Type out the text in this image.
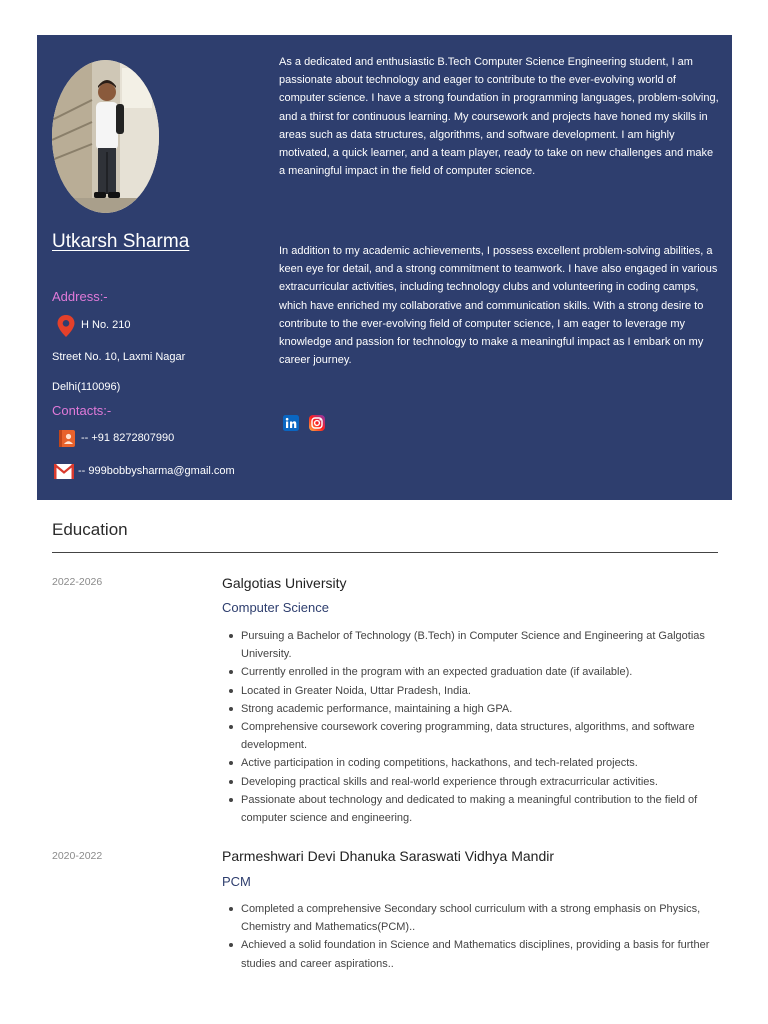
Utkarsh Sharma
Address:-
H No. 210
Street No. 10, Laxmi Nagar
Delhi(110096)
Contacts:-
-- +91 8272807990
-- 999bobbysharma@gmail.com
As a dedicated and enthusiastic B.Tech Computer Science Engineering student, I am passionate about technology and eager to contribute to the ever-evolving world of computer science. I have a strong foundation in programming languages, problem-solving, and a thirst for continuous learning. My coursework and projects have honed my skills in areas such as data structures, algorithms, and software development. I am highly motivated, a quick learner, and a team player, ready to take on new challenges and make a meaningful impact in the field of computer science.
In addition to my academic achievements, I possess excellent problem-solving abilities, a keen eye for detail, and a strong commitment to teamwork. I have also engaged in various extracurricular activities, including technology clubs and volunteering in coding camps, which have enriched my collaborative and communication skills. With a strong desire to contribute to the ever-evolving field of computer science, I am eager to leverage my knowledge and passion for technology to make a meaningful impact as I embark on my career journey.
Education
2022-2026	Galgotias University
Computer Science
Pursuing a Bachelor of Technology (B.Tech) in Computer Science and Engineering at Galgotias University.
Currently enrolled in the program with an expected graduation date (if available).
Located in Greater Noida, Uttar Pradesh, India.
Strong academic performance, maintaining a high GPA.
Comprehensive coursework covering programming, data structures, algorithms, and software development.
Active participation in coding competitions, hackathons, and tech-related projects.
Developing practical skills and real-world experience through extracurricular activities.
Passionate about technology and dedicated to making a meaningful contribution to the field of computer science and engineering.
2020-2022	Parmeshwari Devi Dhanuka Saraswati Vidhya Mandir
PCM
Completed a comprehensive Secondary school curriculum with a strong emphasis on Physics, Chemistry and Mathematics(PCM)..
Achieved a solid foundation in Science and Mathematics disciplines, providing a basis for further studies and career aspirations..
